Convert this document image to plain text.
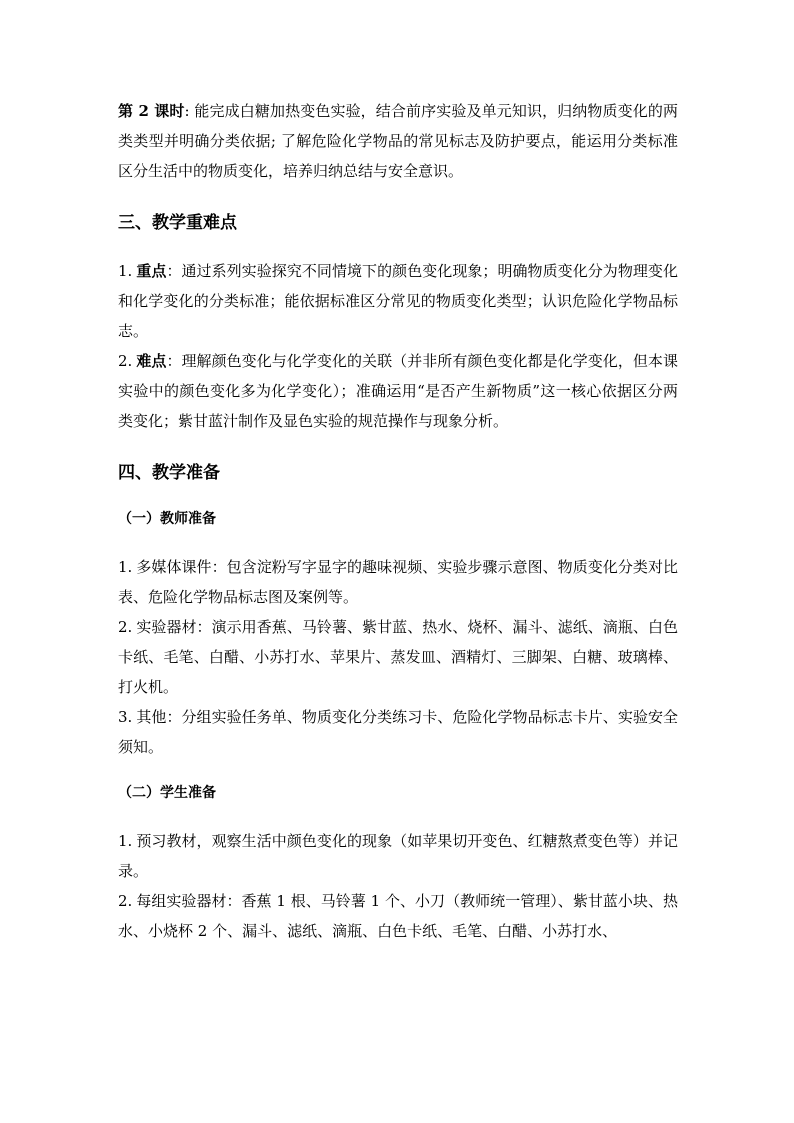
第 2 课时: 能完成白糖加热变色实验，结合前序实验及单元知识，归纳物质变化的两类类型并明确分类依据; 了解危险化学物品的常见标志及防护要点，能运用分类标准区分生活中的物质变化，培养归纳总结与安全意识。

三、教学重难点

1. 重点：通过系列实验探究不同情境下的颜色变化现象；明确物质变化分为物理变化和化学变化的分类标准；能依据标准区分常见的物质变化类型；认识危险化学物品标志。

2. 难点：理解颜色变化与化学变化的关联（并非所有颜色变化都是化学变化，但本课实验中的颜色变化多为化学变化）；准确运用“是否产生新物质”这一核心依据区分两类变化；紫甘蓝汁制作及显色实验的规范操作与现象分析。

四、教学准备
（一）教师准备

1. 多媒体课件：包含淀粉写字显字的趣味视频、实验步骤示意图、物质变化分类对比表、危险化学物品标志图及案例等。

2. 实验器材：演示用香蕉、马铃薯、紫甘蓝、热水、烧杯、漏斗、滤纸、滴瓶、白色卡纸、毛笔、白醋、小苏打水、苹果片、蒸发皿、酒精灯、三脚架、白糖、玻璃棒、打火机。

3. 其他：分组实验任务单、物质变化分类练习卡、危险化学物品标志卡片、实验安全须知。

（二）学生准备

1. 预习教材，观察生活中颜色变化的现象（如苹果切开变色、红糖熬煮变色等）并记录。

2. 每组实验器材：香蕉 1 根、马铃薯 1 个、小刀（教师统一管理）、紫甘蓝小块、热水、小烧杯 2 个、漏斗、滤纸、滴瓶、白色卡纸、毛笔、白醋、小苏打水、
